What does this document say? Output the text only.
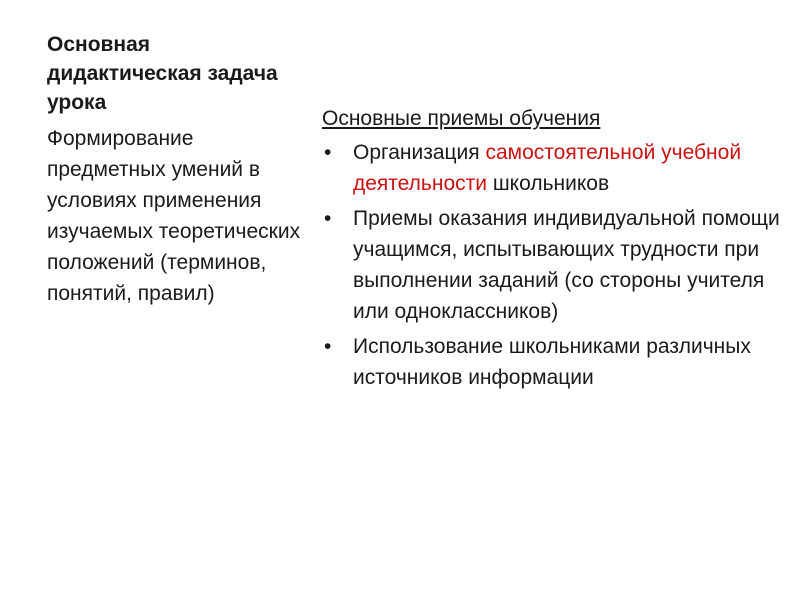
Основная дидактическая задача урока

Формирование предметных умений в условиях применения изучаемых теоретических положений (терминов, понятий, правил)

Основные приемы обучения

• Организация самостоятельной учебной деятельности школьников
• Приемы оказания индивидуальной помощи учащимся, испытывающих трудности при выполнении заданий (со стороны учителя или одноклассников)
• Использование школьниками различных источников информации
